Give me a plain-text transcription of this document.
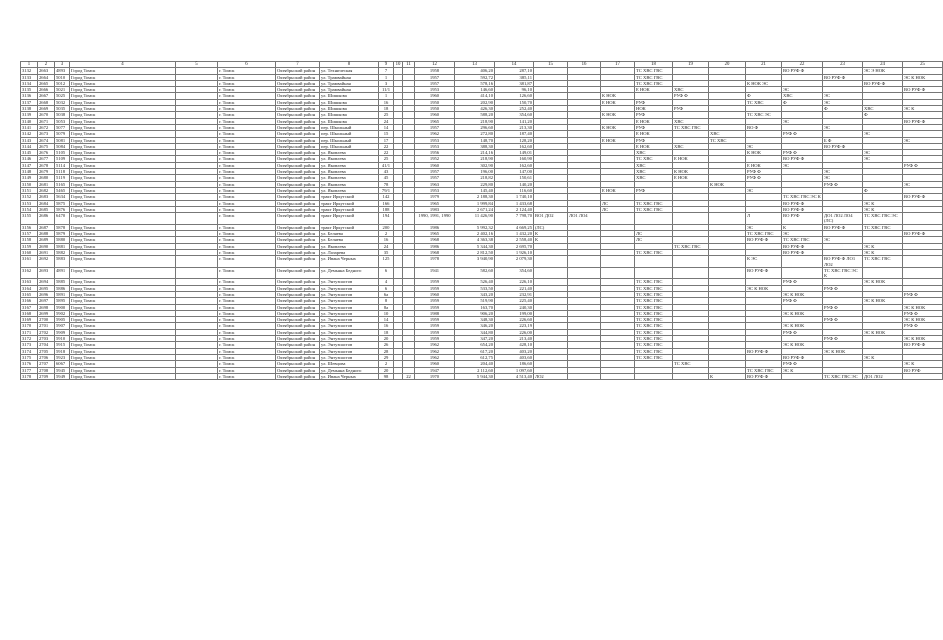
1	2	3	4	5	6	7	8	9	10	11	12	13	14	15	16	17	18	19	20	21	22	23	24	25
3132	2663	4893	Город Томск		г. Томск	Октябрьский район	ул. Техническая	7			1958	406,20	287,10				ТС ХВС ГВС				ВО РУФ Ф		ЭС Э НОК	
3133	2664	5010	Город Томск		г. Томск	Октябрьский район	ул. Трамвайная	1			1957	592,72	385,11				ТС ХВС ГВС					ВО РУФ Ф		ЭС К НОК
3134	2665	5012	Город Томск		г. Томск	Октябрьский район	ул. Трамвайная	3			1957	578,16	381,87				ТС ХВС ГВС			К НОК ЭС			ВО РУФ Ф	
3135	2666	5021	Город Томск		г. Томск	Октябрьский район	ул. Трамвайная	11/1			1953	146,60	96,10				Е НОК	ХВС			ЭС			ВО РУФ Ф
3136	2667	5025	Город Томск		г. Томск	Октябрьский район	ул. Шишкова	1			1960	414,10	126,60			К НОК		РУФ Ф		Ф	ХВС	ЭС		
3137	2668	5032	Город Томск		г. Томск	Октябрьский район	ул. Шишкова	16			1950	202,90	150,70			Е НОК	РУФ			ТС ХВС	Ф	ЭС		
3138	2669	5035	Город Томск		г. Томск	Октябрьский район	ул. Шишкова	18			1950	426,30	252,40				НОК	РУФ				Ф	ХВС	ЭС К
3139	2670	5038	Город Томск		г. Томск	Октябрьский район	ул. Шишкова	25			1960	588,20	354,60			К НОК	РУФ			ТС ХВС ЭС			Ф	
3140	2671	5053	Город Томск		г. Томск	Октябрьский район	ул. Шишкова	24			1965	218,90	141,20				Е НОК	ХВС			ЭС			ВО РУФ Ф
3141	2672	5077	Город Томск		г. Томск	Октябрьский район	пер. Школьный	14			1957	296,60	213,30			К НОК	РУФ	ТС ХВС ГВС		ВО Ф		ЭС		
3142	2673	5079	Город Томск		г. Томск	Октябрьский район	пер. Школьный	15			1962	272,80	187,40				Е НОК		ХВС		РУФ Ф		ЭС	
3143	2674	5081	Город Томск		г. Томск	Октябрьский район	пер. Школьный	17			1953	148,70	128,20			Е НОК	РУФ		ТС ХВС			Б Ф		ЭС
3144	2675	5084	Город Томск		г. Томск	Октябрьский район	пер. Школьный	22			1953	388,30	162,60				Е НОК	ХВС		ЭС		ВО РУФ Ф		
3145	2676	5105	Город Томск		г. Томск	Октябрьский район	ул. Яковлева	22			1956	214,16	149,01				ХВС			К НОК	РУФ Ф		ЭС	
3146	2677	5109	Город Томск		г. Томск	Октябрьский район	ул. Яковлева	25			1952	218,90	160,90				ТС ХВС	Е НОК			ВО РУФ Ф		ЭС	
3147	2678	5114	Город Томск		г. Томск	Октябрьский район	ул. Яковлева	41/1			1960	302,90	162,60				ХВС			Е НОК	ЭС			РУФ Ф
3148	2679	5118	Город Томск		г. Томск	Октябрьский район	ул. Яковлева	43			1957	196,00	147,00				ХВС	К НОК		РУФ Ф		ЭС		
3149	2680	5119	Город Томск		г. Томск	Октябрьский район	ул. Яковлева	45			1957	218,82	150,61				ХВС	Е НОК		РУФ Ф		ЭС		
3150	2681	5165	Город Томск		г. Томск	Октябрьский район	ул. Яковлева	78			1963	229,80	140,20						К НОК			РУФ Ф		ЭС
3151	2682	5465	Город Томск		г. Томск	Октябрьский район	ул. Яковлева	79/1			1953	145,40	116,60			Е НОК	РУФ			ЭС			Ф	
3152	2683	5634	Город Томск		г. Томск	Октябрьский район	тракт Иркутский	142			1979	2 188,30	1 740,10								ТС ХВС ГВС ЭС К			ВО РУФ Ф
3153	2684	5875	Город Томск		г. Томск	Октябрьский район	тракт Иркутский	166			1965	1 999,84	1 433,68			ЛС	ТС ХВС ГВС				ВО РУФ Ф		ЭС К	
3154	2685	5876	Город Томск		г. Томск	Октябрьский район	тракт Иркутский	188			1983	2 671,24	2 124,40			ЛС	ТС ХВС ГВС				ВО РУФ Ф		ЭС К	
3155	2686	6470	Город Томск		г. Томск	Октябрьский район	тракт Иркутский	194			1990, 1991, 1990	11 426,90	7 798,70	ВО1 ДО2	ЛО1 ЛО4					Л	ВО РУФ	ДО1 ЛО2 ЛО4 (ЛС)	ТС ХВС ГВС ЭС	
3156	2687	5878	Город Томск		г. Томск	Октябрьский район	тракт Иркутский	200			1986	5 992,32	4 669,25	(ЛС)						ЭС	К	ВО РУФ Ф	ТС ХВС ГВС	
3157	2688	5879	Город Томск		г. Томск	Октябрьский район	ул. Беляева	2			1965	2 402,16	1 432,20	К			ЛС			ТС ХВС ГВС	ЭС			ВО РУФ Ф
3158	2689	5880	Город Томск		г. Томск	Октябрьский район	ул. Беляева	16			1968	4 363,38	2 558,40	К			ЛС			ВО РУФ Ф	ТС ХВС ГВС	ЭС		
3159	2690	5881	Город Томск		г. Томск	Октябрьский район	ул. Яковлева	24			1986	5 344,30	2 695,70					ТС ХВС ГВС			ВО РУФ Ф		ЭС К	
3160	2691	5882	Город Томск		г. Томск	Октябрьский район	ул. Лазарева	35			1968	2 812,50	1 926,10				ТС ХВС ГВС				ВО РУФ Ф		ЭС К	
3161	2692	5883	Город Томск		г. Томск	Октябрьский район	ул. Ивана Черных	125			1978	3 940,90	2 079,30							К ЭС		ВО РУФ Ф ЛО1 ЛО2	ТС ХВС ГВС	
3162	2693	4891	Город Томск		г. Томск	Октябрьский район	ул. Демьяна Бедного	6			1941	582,60	354,60							ВО РУФ Ф		ТС ХВС ГВС ЭС К		
3163	2694	5885	Город Томск		г. Томск	Октябрьский район	ул. Энтузиастов	4			1959	526,40	226,10				ТС ХВС ГВС				РУФ Ф		ЭС К НОК	
3164	2695	5886	Город Томск		г. Томск	Октябрьский район	ул. Энтузиастов	6			1959	533,50	221,40				ТС ХВС ГВС			ЭС К НОК		РУФ Ф		
3165	2696	5891	Город Томск		г. Томск	Октябрьский район	ул. Энтузиастов	6а			1960	343,20	232,91				ТС ХВС ГВС				ЭС К НОК			РУФ Ф
3166	2697	5895	Город Томск		г. Томск	Октябрьский район	ул. Энтузиастов	8			1959	519,90	225,40				ТС ХВС ГВС				РУФ Ф		ЭС К НОК	
3167	2698	5900	Город Томск		г. Томск	Октябрьский район	ул. Энтузиастов	8а			1959	163,70	240,30				ТС ХВС ГВС					РУФ Ф		ЭС К НОК
3168	2699	5902	Город Томск		г. Томск	Октябрьский район	ул. Энтузиастов	10			1988	906,20	199,00				ТС ХВС ГВС				ЭС К НОК			РУФ Ф
3169	2700	5905	Город Томск		г. Томск	Октябрьский район	ул. Энтузиастов	14			1959	348,30	226,60				ТС ХВС ГВС					РУФ Ф		ЭС К НОК
3170	2701	5907	Город Томск		г. Томск	Октябрьский район	ул. Энтузиастов	16			1959	346,20	223,19				ТС ХВС ГВС				ЭС К НОК			РУФ Ф
3171	2702	5909	Город Томск		г. Томск	Октябрьский район	ул. Энтузиастов	18			1959	344,80	226,00				ТС ХВС ГВС				РУФ Ф		ЭС К НОК	
3172	2703	5910	Город Томск		г. Томск	Октябрьский район	ул. Энтузиастов	20			1959	347,20	213,40				ТС ХВС ГВС					РУФ Ф		ЭС К НОК
3173	2704	5915	Город Томск		г. Томск	Октябрьский район	ул. Энтузиастов	26			1962	654,20	428,10				ТС ХВС ГВС				ЭС К НОК			ВО РУФ Ф
3174	2705	5918	Город Томск		г. Томск	Октябрьский район	ул. Энтузиастов	28			1962	617,20	403,20				ТС ХВС ГВС			ВО РУФ Ф		ЭС К НОК		
3175	2706	5923	Город Томск		г. Томск	Октябрьский район	ул. Энтузиастов	29			1962	612,75	403,60				ТС ХВС ГВС				ВО РУФ Ф		ЭС К	
3176	2707	6067	Город Томск		г. Томск	Октябрьский район	ул. Шевцова	2			1960	204,40	186,60					ТС ХВС			РУФ Ф			ЭС К
3177	2708	5945	Город Томск		г. Томск	Октябрьский район	ул. Демьяна Бедного	20			1947	2 112,60	1 097,60							ТС ХВС ГВС	ЭС К			ВО РУФ
3178	2709	5949	Город Томск		г. Томск	Октябрьский район	ул. Ивана Черных	98		22	1970	5 944,30	4 513,40	ЛО2					К	ВО РУФ Ф		ТС ХВС ГВС ЭС	ДО1 ЛО2	
